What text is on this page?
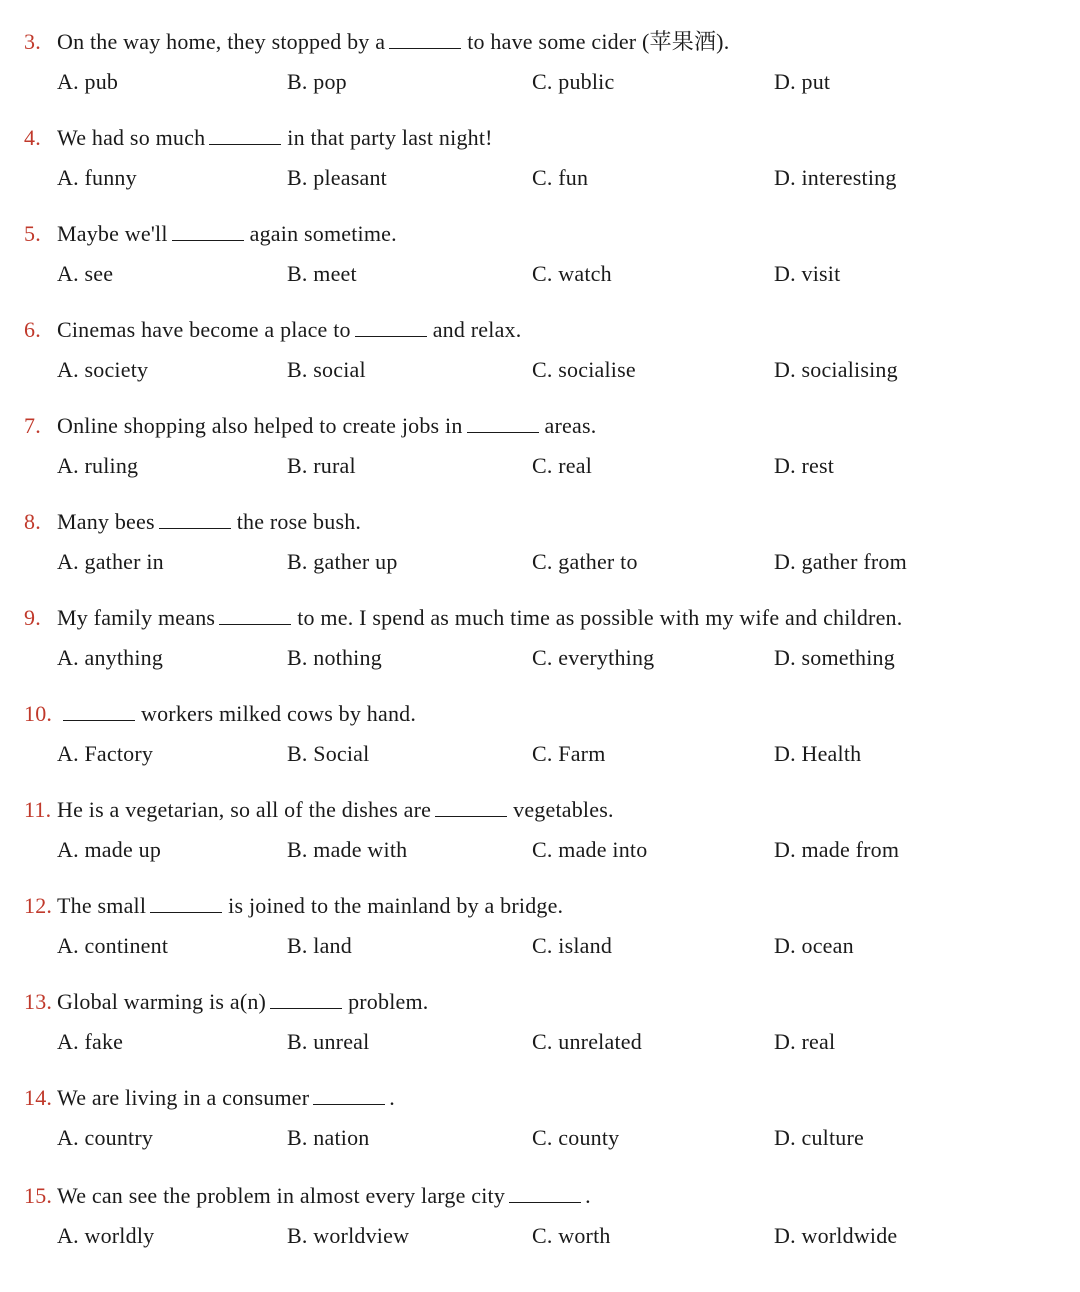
3. On the way home, they stopped by a	to have some cider (苹果酒).
A. pub	B. pop	C. public	D. put
4. We had so much	in that party last night!
A. funny	B. pleasant	C. fun	D. interesting
5. Maybe we'll	again sometime.
A. see	B. meet	C. watch	D. visit
6. Cinemas have become a place to	and relax.
A. society	B. social	C. socialise	D. socialising
7. Online shopping also helped to create jobs in	areas.
A. ruling	B. rural	C. real	D. rest
8. Many bees	the rose bush.
A. gather in	B. gather up	C. gather to	D. gather from
9. My family means	to me. I spend as much time as possible with my wife and children.
A. anything	B. nothing	C. everything	D. something
10.	workers milked cows by hand.
A. Factory	B. Social	C. Farm	D. Health
11. He is a vegetarian, so all of the dishes are	vegetables.
A. made up	B. made with	C. made into	D. made from
12. The small	is joined to the mainland by a bridge.
A. continent	B. land	C. island	D. ocean
13. Global warming is a(n)	problem.
A. fake	B. unreal	C. unrelated	D. real
14. We are living in a consumer	.
A. country	B. nation	C. county	D. culture
15. We can see the problem in almost every large city	.
A. worldly	B. worldview	C. worth	D. worldwide
